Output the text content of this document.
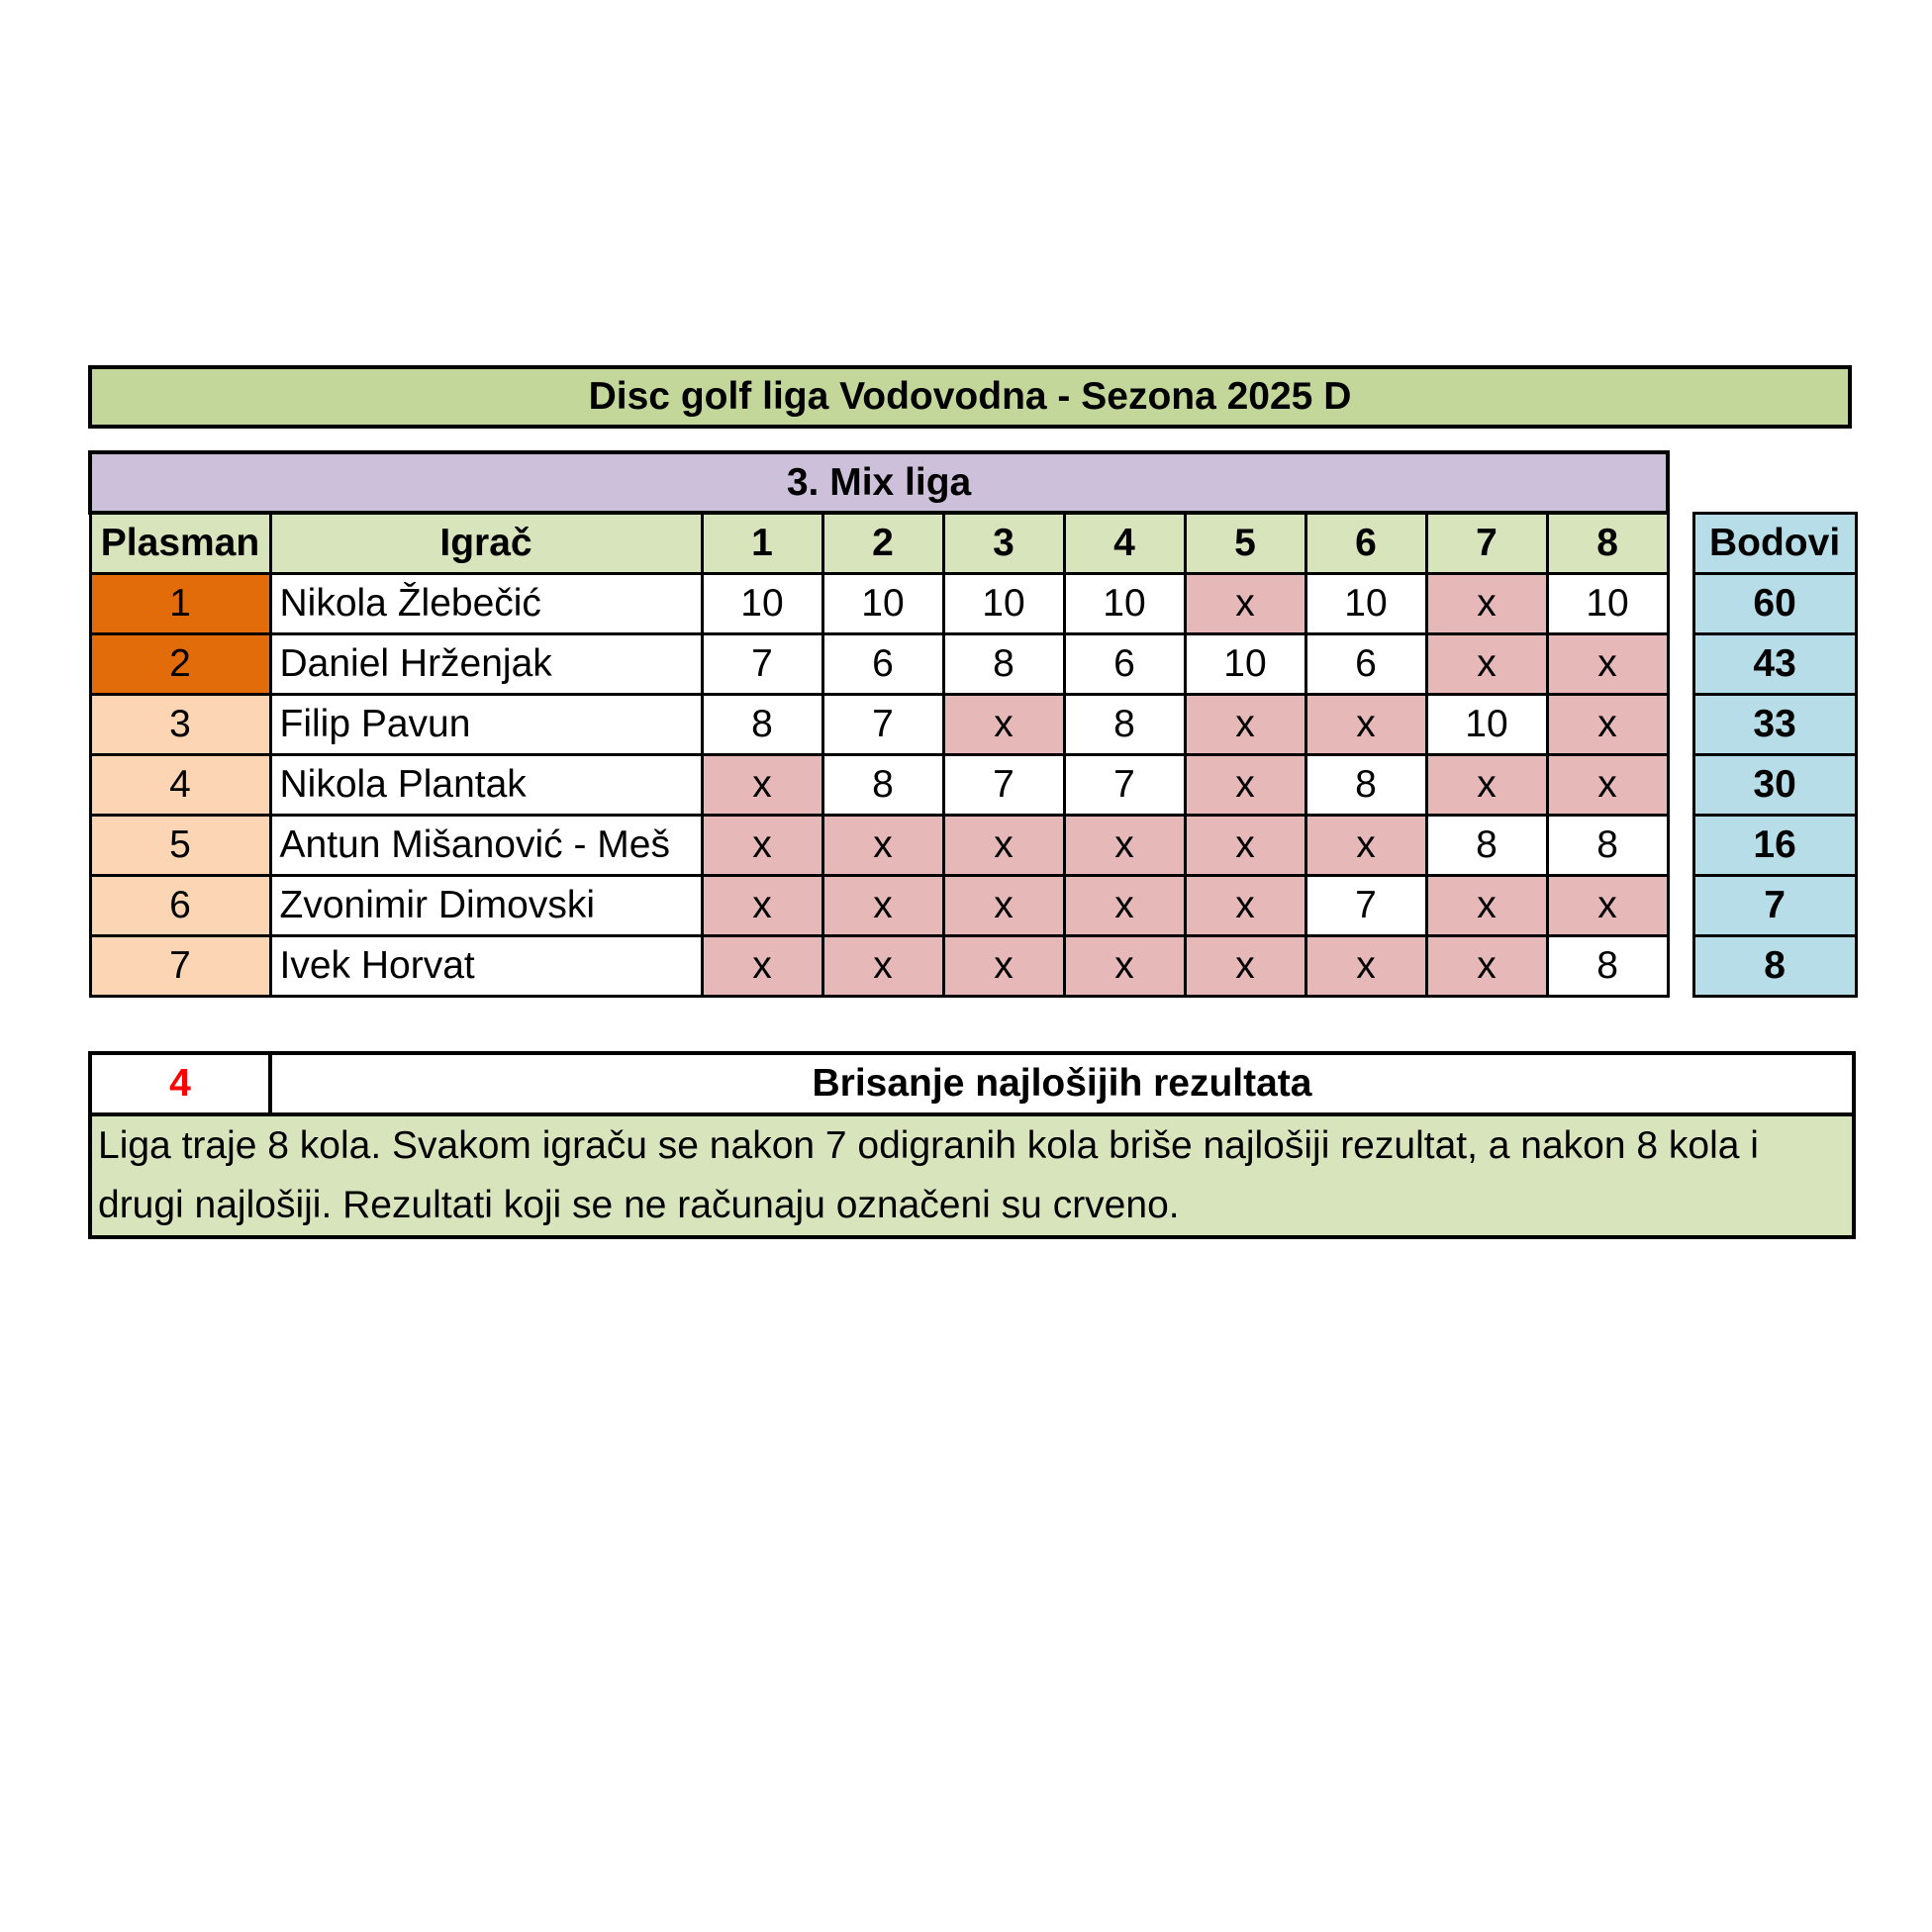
Disc golf liga Vodovodna - Sezona 2025 D
3. Mix liga											
Plasman	Igrač	1	2	3	4	5	6	7	8		Bodovi
1	Nikola Žlebečić	10	10	10	10	x	10	x	10		60
2	Daniel Hrženjak	7	6	8	6	10	6	x	x		43
3	Filip Pavun	8	7	x	8	x	x	10	x		33
4	Nikola Plantak	x	8	7	7	x	8	x	x		30
5	Antun Mišanović - Meš	x	x	x	x	x	x	8	8		16
6	Zvonimir Dimovski	x	x	x	x	x	7	x	x		7
7	Ivek Horvat	x	x	x	x	x	x	x	8		8
4	Brisanje najlošijih rezultata
Liga traje 8 kola. Svakom igraču se nakon 7 odigranih kola briše najlošiji rezultat, a nakon 8 kola i drugi najlošiji. Rezultati koji se ne računaju označeni su crveno.
